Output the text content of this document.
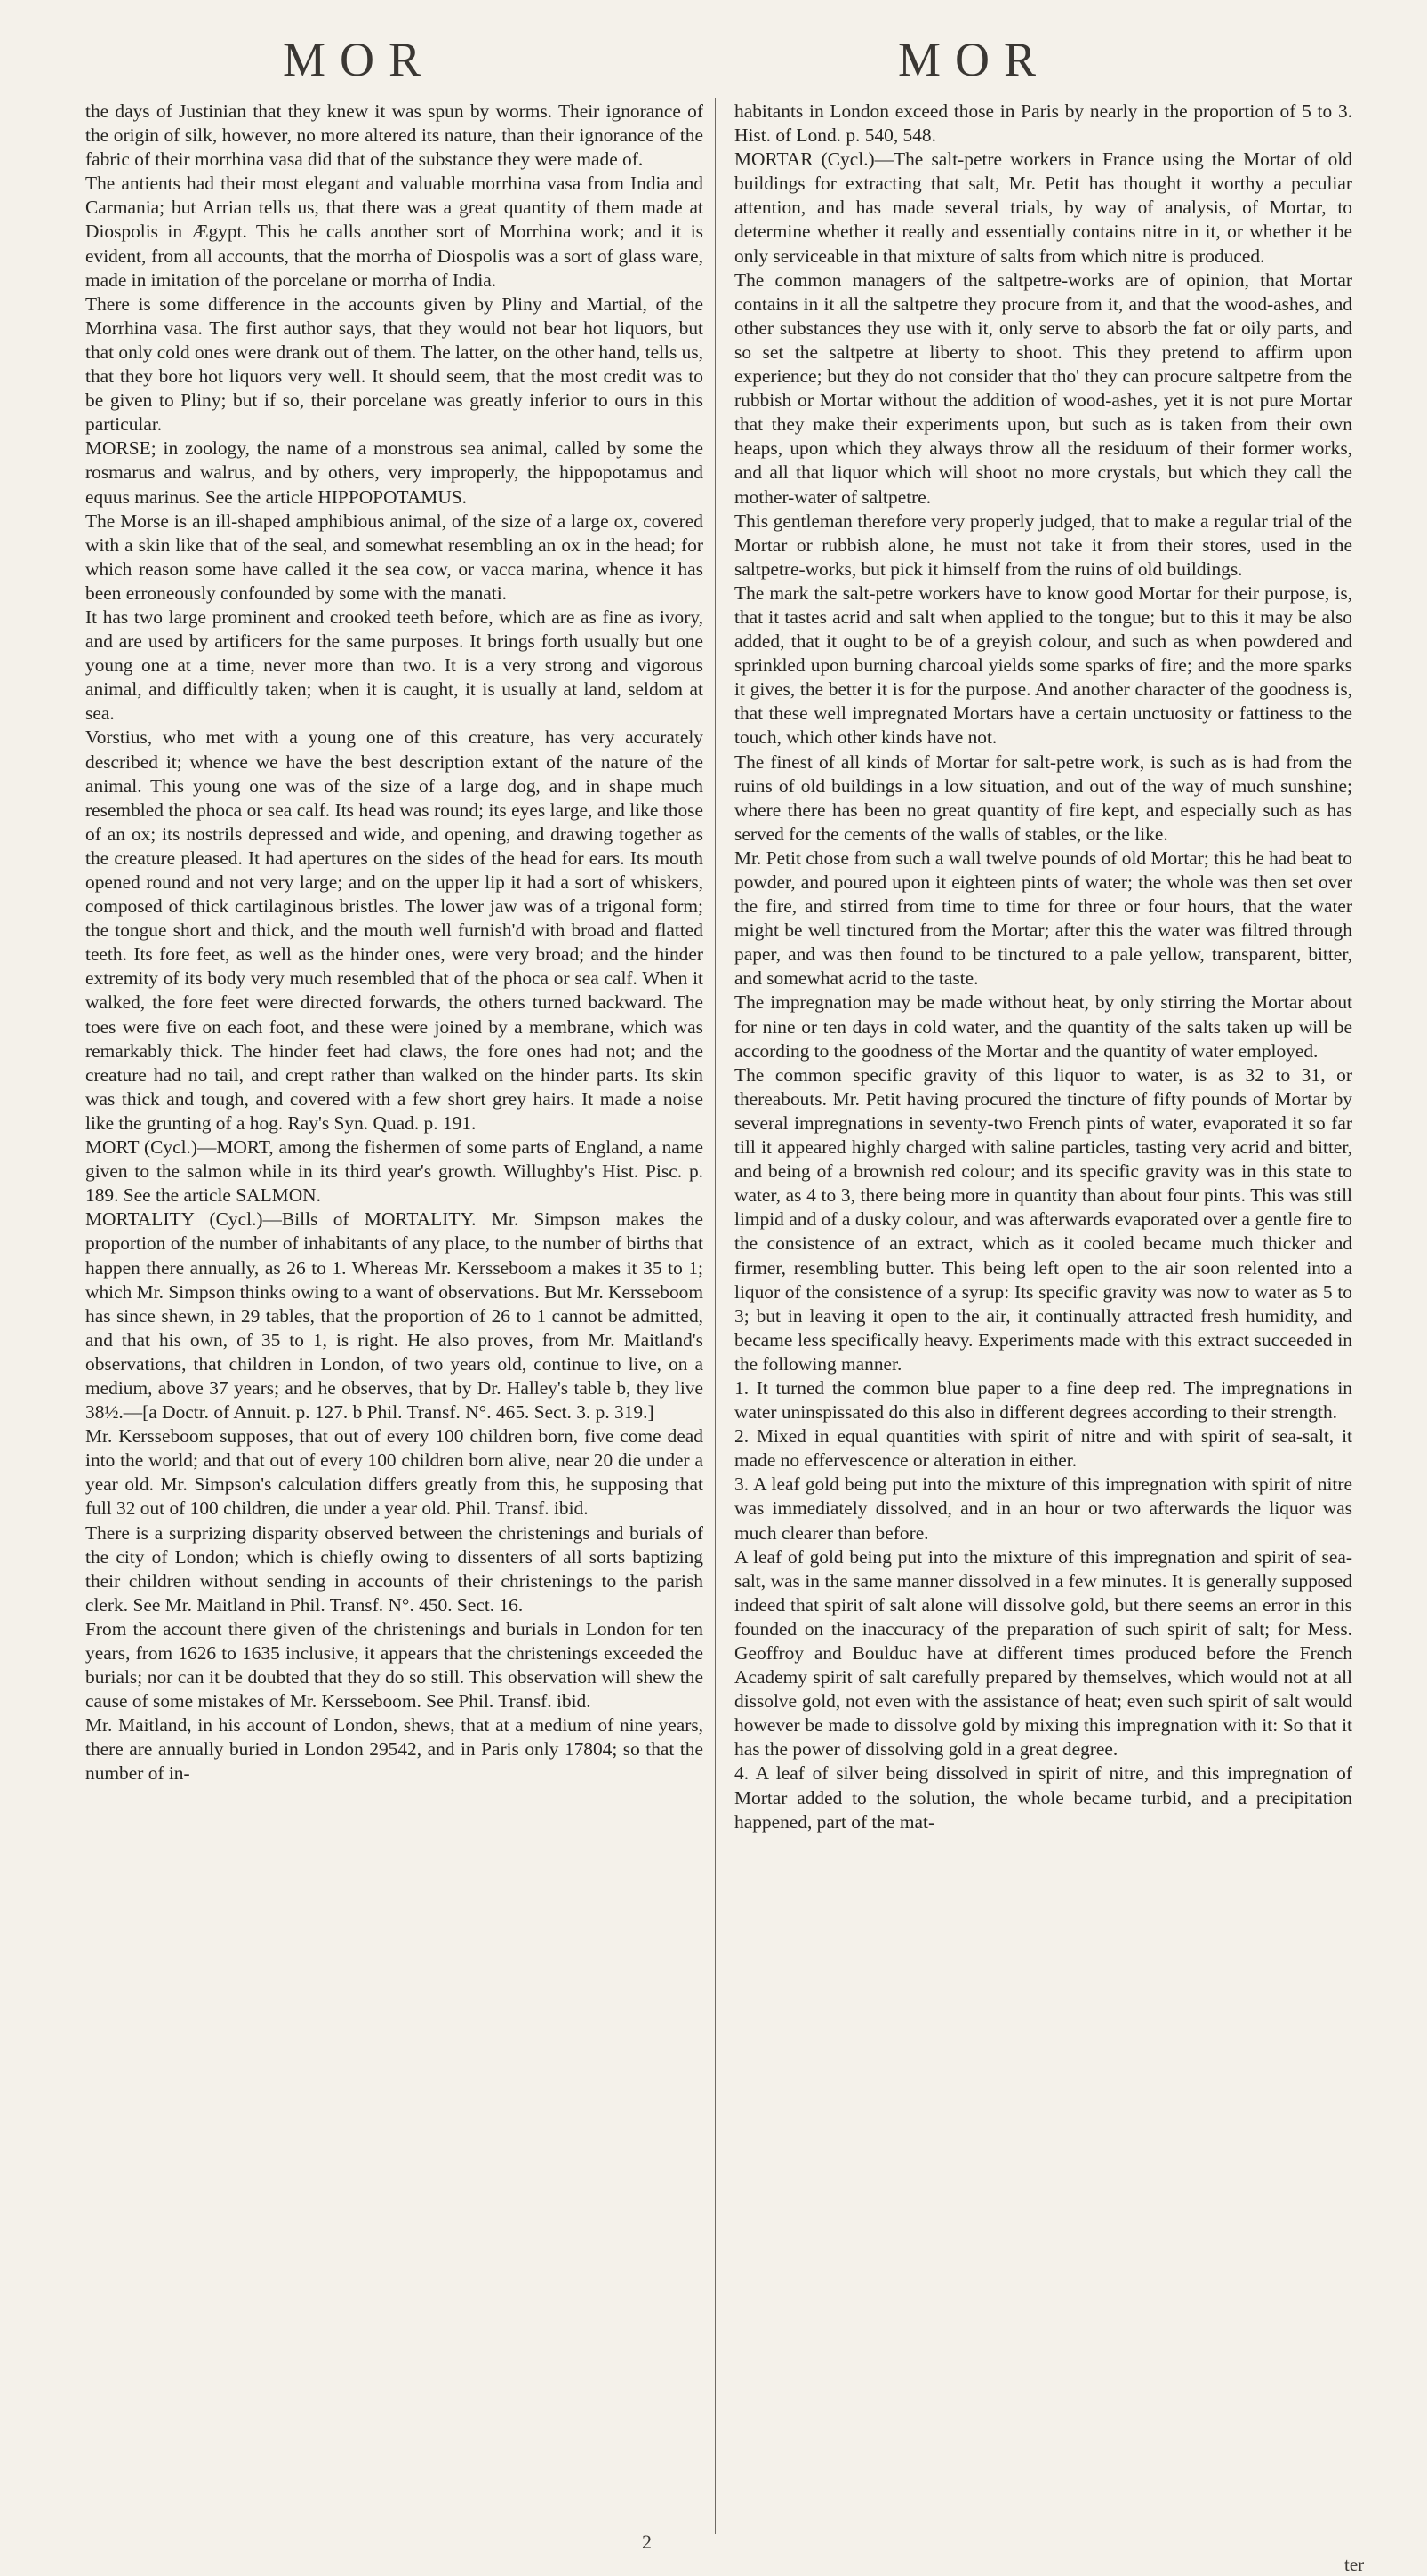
MOR	MOR

the days of Justinian that they knew it was spun by worms. Their ignorance of the origin of silk, however, no more altered its nature, than their ignorance of the fabric of their morrhina vasa did that of the substance they were made of.

The antients had their most elegant and valuable morrhina vasa from India and Carmania; but Arrian tells us, that there was a great quantity of them made at Diospolis in Ægypt. This he calls another sort of Morrhina work; and it is evident, from all accounts, that the morrha of Diospolis was a sort of glass ware, made in imitation of the porcelane or morrha of India.

There is some difference in the accounts given by Pliny and Martial, of the Morrhina vasa. The first author says, that they would not bear hot liquors, but that only cold ones were drank out of them. The latter, on the other hand, tells us, that they bore hot liquors very well. It should seem, that the most credit was to be given to Pliny; but if so, their porcelane was greatly inferior to ours in this particular.

MORSE; in zoology, the name of a monstrous sea animal, called by some the rosmarus and walrus, and by others, very improperly, the hippopotamus and equus marinus. See the article HIPPOPOTAMUS.

The Morse is an ill-shaped amphibious animal, of the size of a large ox, covered with a skin like that of the seal, and somewhat resembling an ox in the head; for which reason some have called it the sea cow, or vacca marina, whence it has been erroneously confounded by some with the manati.

It has two large prominent and crooked teeth before, which are as fine as ivory, and are used by artificers for the same purposes. It brings forth usually but one young one at a time, never more than two. It is a very strong and vigorous animal, and difficultly taken; when it is caught, it is usually at land, seldom at sea.

Vorstius, who met with a young one of this creature, has very accurately described it; whence we have the best description extant of the nature of the animal. This young one was of the size of a large dog, and in shape much resembled the phoca or sea calf. Its head was round; its eyes large, and like those of an ox; its nostrils depressed and wide, and opening, and drawing together as the creature pleased. It had apertures on the sides of the head for ears. Its mouth opened round and not very large; and on the upper lip it had a sort of whiskers, composed of thick cartilaginous bristles. The lower jaw was of a trigonal form; the tongue short and thick, and the mouth well furnish'd with broad and flatted teeth. Its fore feet, as well as the hinder ones, were very broad; and the hinder extremity of its body very much resembled that of the phoca or sea calf. When it walked, the fore feet were directed forwards, the others turned backward. The toes were five on each foot, and these were joined by a membrane, which was remarkably thick. The hinder feet had claws, the fore ones had not; and the creature had no tail, and crept rather than walked on the hinder parts. Its skin was thick and tough, and covered with a few short grey hairs. It made a noise like the grunting of a hog. Ray's Syn. Quad. p. 191.

MORT (Cycl.)—MORT, among the fishermen of some parts of England, a name given to the salmon while in its third year's growth. Willughby's Hist. Pisc. p. 189. See the article SALMON.

MORTALITY (Cycl.)—Bills of MORTALITY. Mr. Simpson makes the proportion of the number of inhabitants of any place, to the number of births that happen there annually, as 26 to 1. Whereas Mr. Kersseboom a makes it 35 to 1; which Mr. Simpson thinks owing to a want of observations. But Mr. Kersseboom has since shewn, in 29 tables, that the proportion of 26 to 1 cannot be admitted, and that his own, of 35 to 1, is right. He also proves, from Mr. Maitland's observations, that children in London, of two years old, continue to live, on a medium, above 37 years; and he observes, that by Dr. Halley's table b, they live 38½.—[a Doctr. of Annuit. p. 127. b Phil. Transf. N°. 465. Sect. 3. p. 319.]

Mr. Kersseboom supposes, that out of every 100 children born, five come dead into the world; and that out of every 100 children born alive, near 20 die under a year old. Mr. Simpson's calculation differs greatly from this, he supposing that full 32 out of 100 children, die under a year old. Phil. Transf. ibid.

There is a surprizing disparity observed between the christenings and burials of the city of London; which is chiefly owing to dissenters of all sorts baptizing their children without sending in accounts of their christenings to the parish clerk. See Mr. Maitland in Phil. Transf. N°. 450. Sect. 16.

From the account there given of the christenings and burials in London for ten years, from 1626 to 1635 inclusive, it appears that the christenings exceeded the burials; nor can it be doubted that they do so still. This observation will shew the cause of some mistakes of Mr. Kersseboom. See Phil. Transf. ibid.

Mr. Maitland, in his account of London, shews, that at a medium of nine years, there are annually buried in London 29542, and in Paris only 17804; so that the number of in-

habitants in London exceed those in Paris by nearly in the proportion of 5 to 3. Hist. of Lond. p. 540, 548.

MORTAR (Cycl.)—The salt-petre workers in France using the Mortar of old buildings for extracting that salt, Mr. Petit has thought it worthy a peculiar attention, and has made several trials, by way of analysis, of Mortar, to determine whether it really and essentially contains nitre in it, or whether it be only serviceable in that mixture of salts from which nitre is produced.

The common managers of the saltpetre-works are of opinion, that Mortar contains in it all the saltpetre they procure from it, and that the wood-ashes, and other substances they use with it, only serve to absorb the fat or oily parts, and so set the saltpetre at liberty to shoot. This they pretend to affirm upon experience; but they do not consider that tho' they can procure saltpetre from the rubbish or Mortar without the addition of wood-ashes, yet it is not pure Mortar that they make their experiments upon, but such as is taken from their own heaps, upon which they always throw all the residuum of their former works, and all that liquor which will shoot no more crystals, but which they call the mother-water of saltpetre.

This gentleman therefore very properly judged, that to make a regular trial of the Mortar or rubbish alone, he must not take it from their stores, used in the saltpetre-works, but pick it himself from the ruins of old buildings.

The mark the salt-petre workers have to know good Mortar for their purpose, is, that it tastes acrid and salt when applied to the tongue; but to this it may be also added, that it ought to be of a greyish colour, and such as when powdered and sprinkled upon burning charcoal yields some sparks of fire; and the more sparks it gives, the better it is for the purpose. And another character of the goodness is, that these well impregnated Mortars have a certain unctuosity or fattiness to the touch, which other kinds have not.

The finest of all kinds of Mortar for salt-petre work, is such as is had from the ruins of old buildings in a low situation, and out of the way of much sunshine; where there has been no great quantity of fire kept, and especially such as has served for the cements of the walls of stables, or the like.

Mr. Petit chose from such a wall twelve pounds of old Mortar; this he had beat to powder, and poured upon it eighteen pints of water; the whole was then set over the fire, and stirred from time to time for three or four hours, that the water might be well tinctured from the Mortar; after this the water was filtred through paper, and was then found to be tinctured to a pale yellow, transparent, bitter, and somewhat acrid to the taste.

The impregnation may be made without heat, by only stirring the Mortar about for nine or ten days in cold water, and the quantity of the salts taken up will be according to the goodness of the Mortar and the quantity of water employed.

The common specific gravity of this liquor to water, is as 32 to 31, or thereabouts. Mr. Petit having procured the tincture of fifty pounds of Mortar by several impregnations in seventy-two French pints of water, evaporated it so far till it appeared highly charged with saline particles, tasting very acrid and bitter, and being of a brownish red colour; and its specific gravity was in this state to water, as 4 to 3, there being more in quantity than about four pints. This was still limpid and of a dusky colour, and was afterwards evaporated over a gentle fire to the consistence of an extract, which as it cooled became much thicker and firmer, resembling butter. This being left open to the air soon relented into a liquor of the consistence of a syrup: Its specific gravity was now to water as 5 to 3; but in leaving it open to the air, it continually attracted fresh humidity, and became less specifically heavy. Experiments made with this extract succeeded in the following manner.

1. It turned the common blue paper to a fine deep red. The impregnations in water uninspissated do this also in different degrees according to their strength.

2. Mixed in equal quantities with spirit of nitre and with spirit of sea-salt, it made no effervescence or alteration in either.

3. A leaf gold being put into the mixture of this impregnation with spirit of nitre was immediately dissolved, and in an hour or two afterwards the liquor was much clearer than before.

A leaf of gold being put into the mixture of this impregnation and spirit of sea-salt, was in the same manner dissolved in a few minutes. It is generally supposed indeed that spirit of salt alone will dissolve gold, but there seems an error in this founded on the inaccuracy of the preparation of such spirit of salt; for Mess. Geoffroy and Boulduc have at different times produced before the French Academy spirit of salt carefully prepared by themselves, which would not at all dissolve gold, not even with the assistance of heat; even such spirit of salt would however be made to dissolve gold by mixing this impregnation with it: So that it has the power of dissolving gold in a great degree.

4. A leaf of silver being dissolved in spirit of nitre, and this impregnation of Mortar added to the solution, the whole became turbid, and a precipitation happened, part of the mat-

2
ter
